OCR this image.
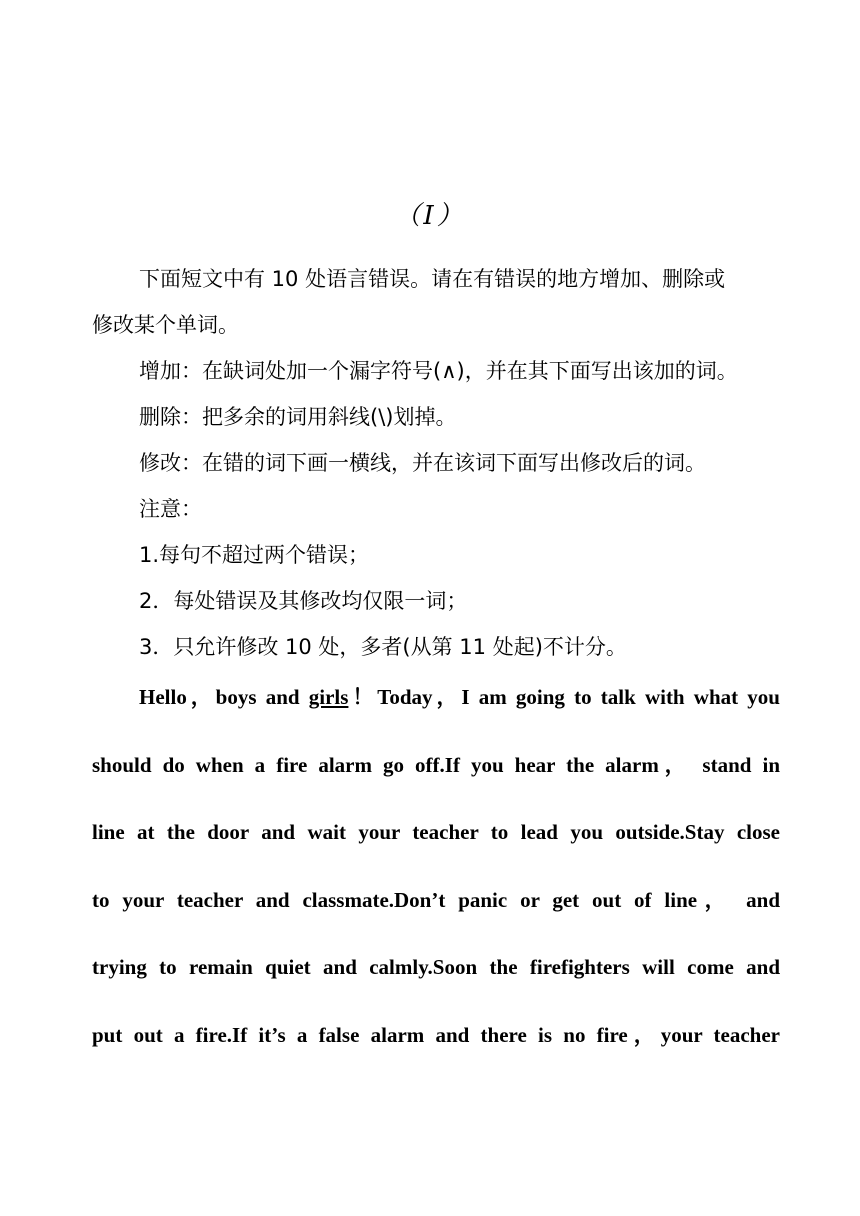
（Ⅰ）

下面短文中有 10 处语言错误。请在有错误的地方增加、删除或

修改某个单词。

增加：在缺词处加一个漏字符号(∧)，并在其下面写出该加的词。

删除：把多余的词用斜线(\)划掉。

修改：在错的词下画一横线，并在该词下面写出修改后的词。

注意：

1.每句不超过两个错误；

2．每处错误及其修改均仅限一词；

3．只允许修改 10 处，多者(从第 11 处起)不计分。

Hello，boys and girls！Today，I am going to talk with what you
should do when a fire alarm go off.If you hear the alarm， stand in
line at the door and wait your teacher to lead you outside.Stay close
to your teacher and classmate.Don’t panic or get out of line， and
trying to remain quiet and calmly.Soon the firefighters will come and
put out a fire.If it’s a false alarm and there is no fire，your teacher
